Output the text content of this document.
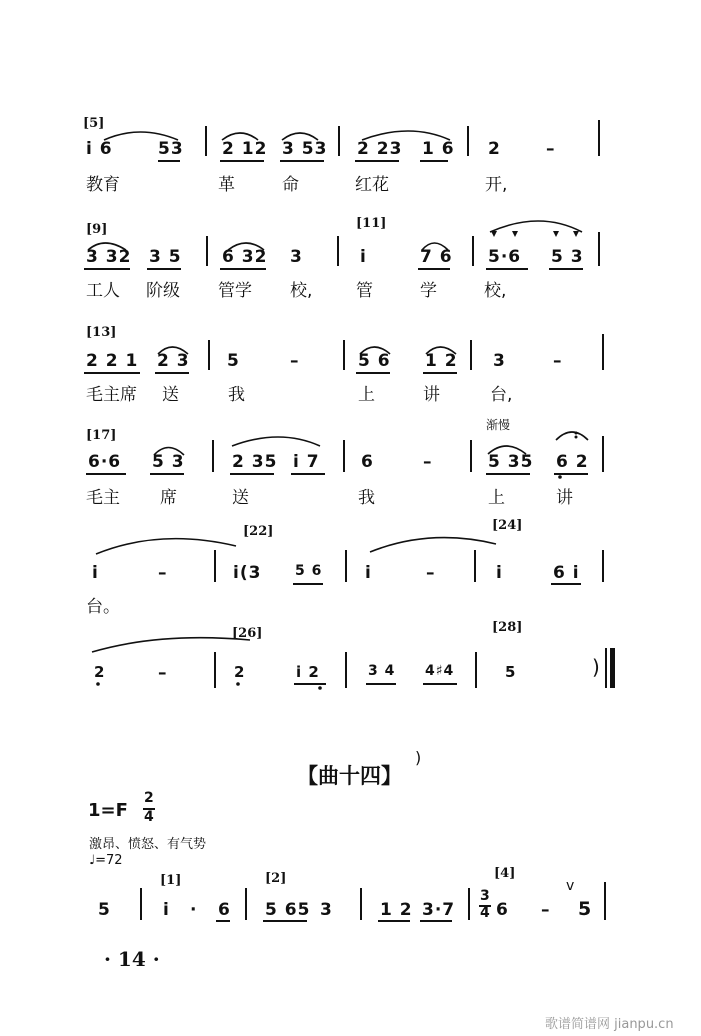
[5]
i 6	53 2 12 3 53 2 23 1 6 2	–
教育	革	命	红花	开,
[9]	[11]
3 32 3 5 6 32 3	i	7 6 5·6 5 3
工人 阶级 管学 校,	管	学	校,
[13]
2 2 1 2 3 5	–	5 6 1 2 3	–
毛主席 送	我	上	讲	台,
[17]
渐慢
6·6 5 3	2 35 i 7 6	–	5 35 6 2
毛主 席	送	我	上	讲
[22]	[24]
i	–	i(3 5 6	i	–	i	6 i
台。
[26]	[28]
2	–	2	i 2	3 4 4♯4	5	)
【曲十四】
)
1=F
2
4
激昂、愤怒、有气势
♩=72
[1]	[2]	[4]
5	i · 6 5 65 3	1 2 3·7
3
4 6 –
v
5
· 14 ·
歌谱简谱网 jianpu.cn
